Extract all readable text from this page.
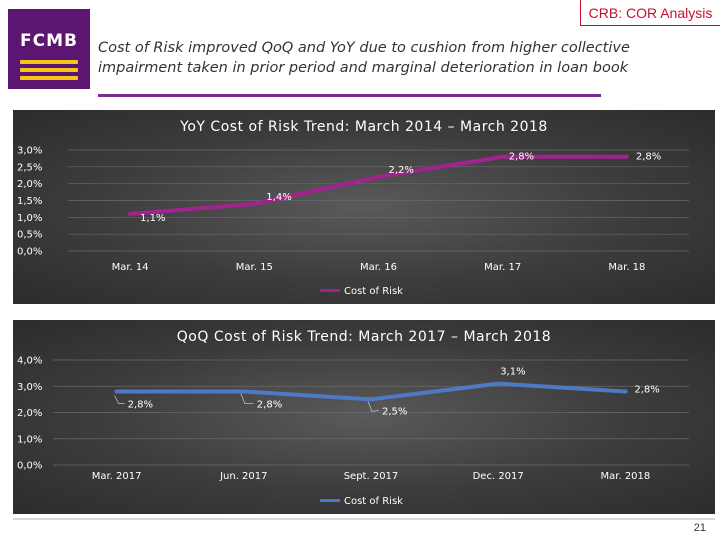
CRB: COR Analysis
FCMB	Cost of Risk improved QoQ and YoY due to cushion from higher collective impairment taken in prior period and marginal deterioration in loan book
YoY Cost of Risk Trend: March 2014 – March 2018
0,0%
0,5%
1,0%
1,5%
2,0%
2,5%
3,0%
Mar. 14	Mar. 15	Mar. 16	Mar. 17	Mar. 18
1,1%
1,4%
2,2%
2,8%	2,8%
Cost of Risk
QoQ Cost of Risk Trend: March 2017 – March 2018
0,0%
1,0%
2,0%
3,0%
4,0%
Mar. 2017	Jun. 2017	Sept. 2017	Dec. 2017	Mar. 2018
2,8%	2,8%
2,5%
3,1%
2,8%
Cost of Risk
21
